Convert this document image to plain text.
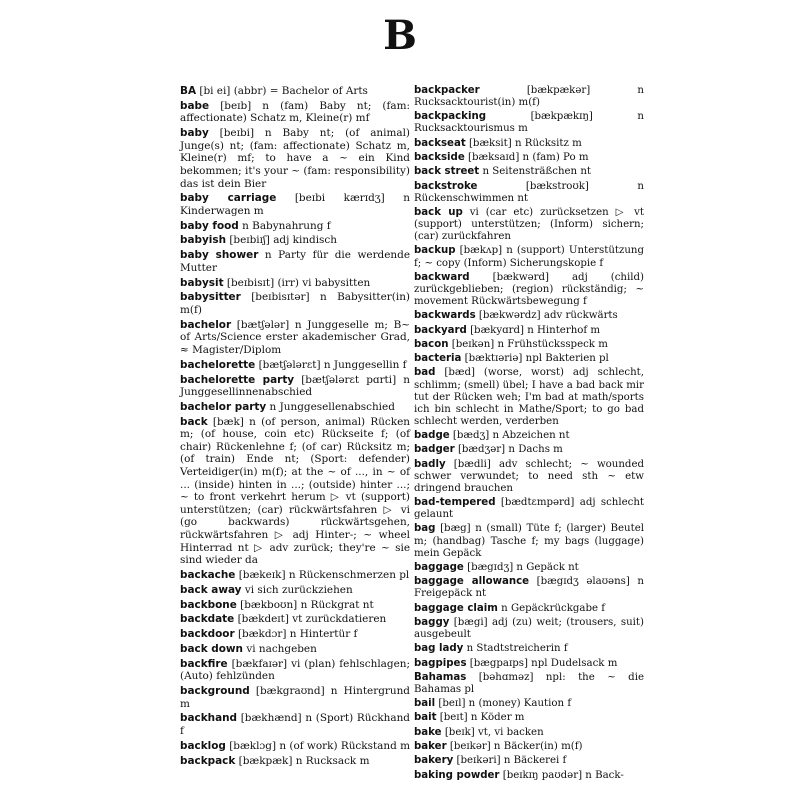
B
BA [bi ei] (abbr) = Bachelor of Arts
babe [beɪb] n (fam) Baby nt; (fam: affectionate) Schatz m, Kleine(r) mf
baby [beɪbi] n Baby nt; (of animal) Junge(s) nt; (fam: affectionate) Schatz m, Kleine(r) mf; to have a ~ ein Kind bekommen; it's your ~ (fam: responsibility) das ist dein Bier
baby carriage [beɪbi kærɪdʒ] n Kinderwagen m
baby food n Babynahrung f
babyish [beɪbiɪʃ] adj kindisch
baby shower n Party für die werdende Mutter
babysit [beɪbisɪt] (irr) vi babysitten
babysitter [beɪbisɪtər] n Babysitter(in) m(f)
bachelor [bætʃələr] n Junggeselle m; B~ of Arts/Science erster akademischer Grad, ≈ Magister/Diplom
bachelorette [bætʃələrɛt] n Junggesellin f
bachelorette party [bætʃələrɛt pɑrti] n Junggesellinnenabschied
bachelor party n Junggesellenabschied
back [bæk] n (of person, animal) Rücken m; (of house, coin etc) Rückseite f; (of chair) Rückenlehne f; (of car) Rücksitz m; (of train) Ende nt; (Sport: defender) Verteidiger(in) m(f); at the ~ of ..., in ~ of ... (inside) hinten in ...; (outside) hinter ...; ~ to front verkehrt herum ▷ vt (support) unterstützen; (car) rückwärtsfahren ▷ vi (go backwards) rückwärtsgehen, rückwärtsfahren ▷ adj Hinter-; ~ wheel Hinterrad nt ▷ adv zurück; they're ~ sie sind wieder da
backache [bækeɪk] n Rückenschmerzen pl
back away vi sich zurückziehen
backbone [bækboʊn] n Rückgrat nt
backdate [bækdeɪt] vt zurückdatieren
backdoor [bækdɔr] n Hintertür f
back down vi nachgeben
backfire [bækfaɪər] vi (plan) fehlschlagen; (Auto) fehlzünden
background [bækgraʊnd] n Hintergrund m
backhand [bækhænd] n (Sport) Rückhand f
backlog [bæklɔg] n (of work) Rückstand m
backpack [bækpæk] n Rucksack m
backpacker	[bækpækər] n Rucksacktourist(in) m(f)
backpacking	[bækpækɪŋ] n Rucksacktourismus m
backseat [bæksit] n Rücksitz m
backside [bæksaɪd] n (fam) Po m
back street n Seitensträßchen nt
backstroke	[bækstroʊk] n Rückenschwimmen nt
back up vi (car etc) zurücksetzen ▷ vt (support) unterstützen; (Inform) sichern; (car) zurückfahren
backup [bækʌp] n (support) Unterstützung f; ~ copy (Inform) Sicherungskopie f
backward [bækwərd] adj (child) zurückgeblieben; (region) rückständig; ~ movement Rückwärtsbewegung f
backwards [bækwərdz] adv rückwärts
backyard [bækyɑrd] n Hinterhof m
bacon [beɪkən] n Frühstücksspeck m
bacteria [bæktɪəriə] npl Bakterien pl
bad [bæd] (worse, worst) adj schlecht, schlimm; (smell) übel; I have a bad back mir tut der Rücken weh; I'm bad at math/sports ich bin schlecht in Mathe/Sport; to go bad schlecht werden, verderben
badge [bædʒ] n Abzeichen nt
badger [bædʒər] n Dachs m
badly [bædli] adv schlecht; ~ wounded schwer verwundet; to need sth ~ etw dringend brauchen
bad-tempered [bædtɛmpərd] adj schlecht gelaunt
bag [bæg] n (small) Tüte f; (larger) Beutel m; (handbag) Tasche f; my bags (luggage) mein Gepäck
baggage [bægɪdʒ] n Gepäck nt
baggage allowance [bægɪdʒ əlaʊəns] n Freigepäck nt
baggage claim n Gepäckrückgabe f
baggy [bægi] adj (zu) weit; (trousers, suit) ausgebeult
bag lady n Stadtstreicherin f
bagpipes [bægpaɪps] npl Dudelsack m
Bahamas [bəhɑməz] npl: the ~ die Bahamas pl
bail [beɪl] n (money) Kaution f
bait [beɪt] n Köder m
bake [beɪk] vt, vi backen
baker [beɪkər] n Bäcker(in) m(f)
bakery [beɪkəri] n Bäckerei f
baking powder [beɪkɪŋ paʊdər] n Back-
